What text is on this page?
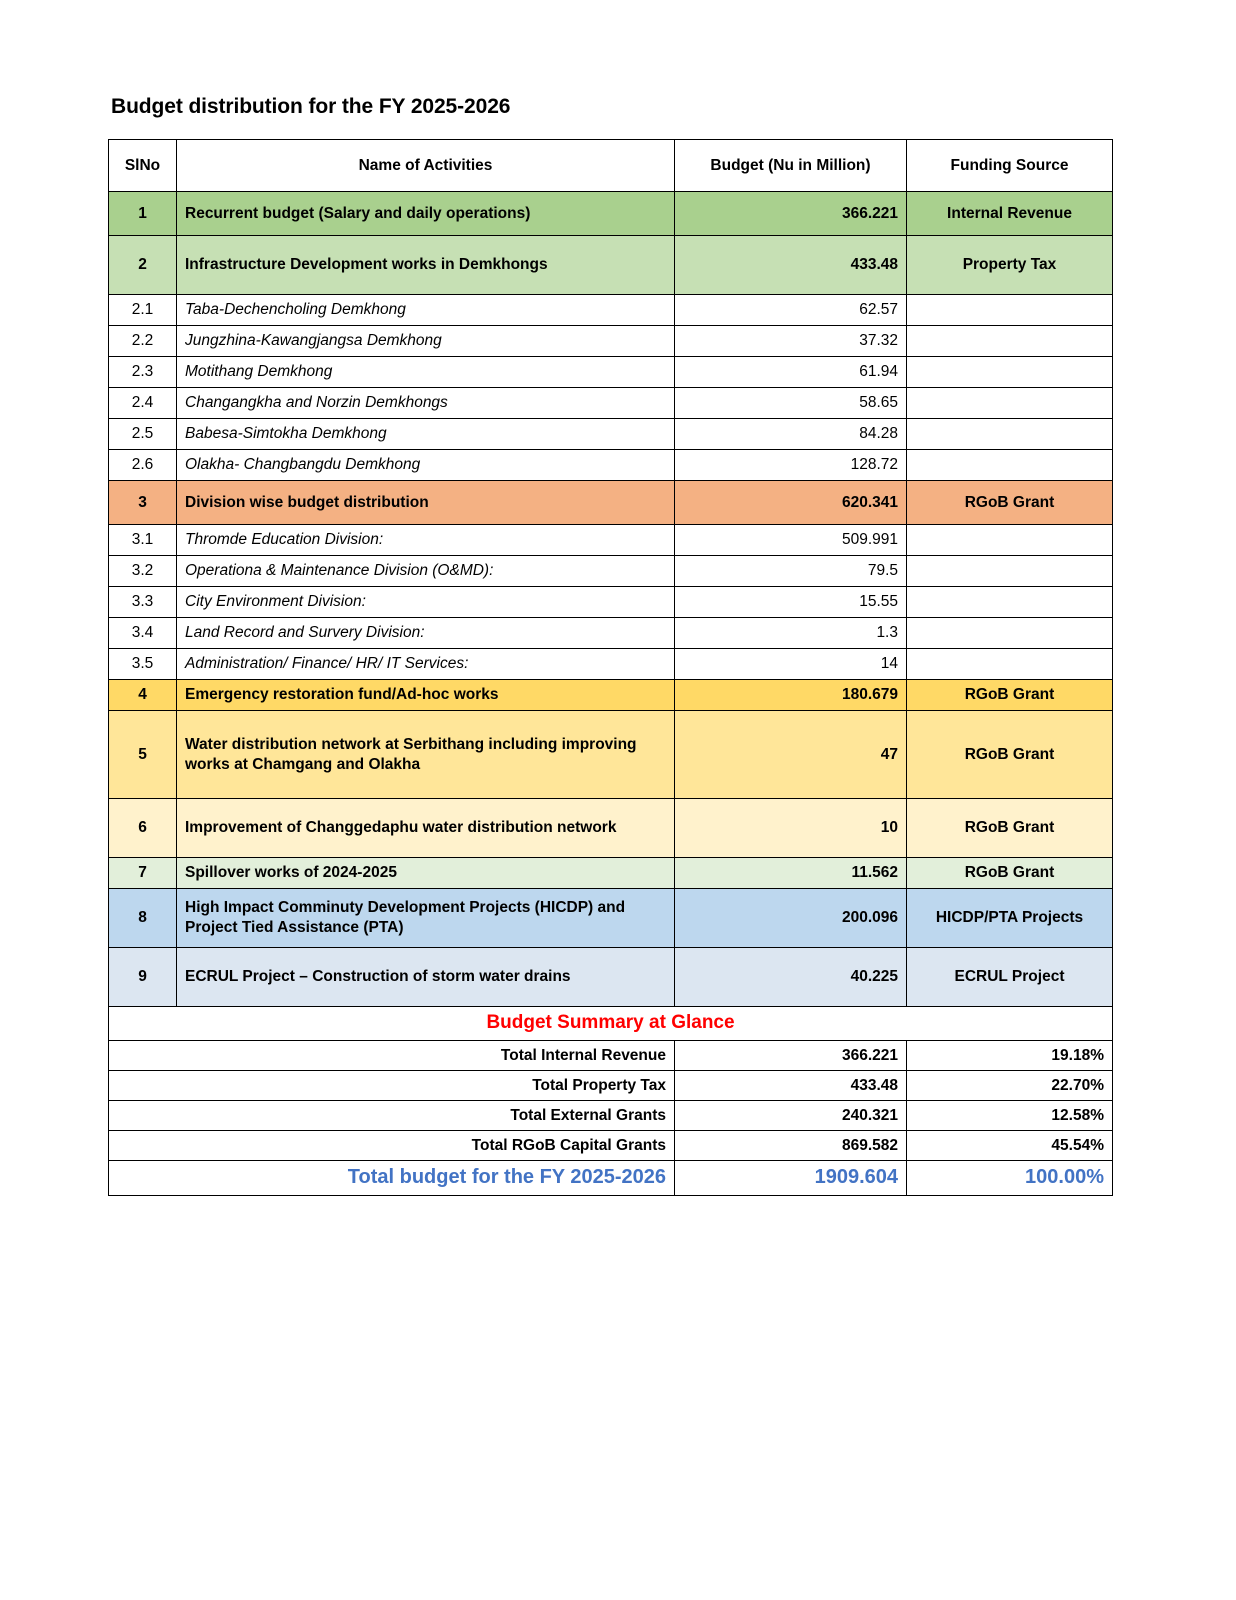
Budget distribution for the FY 2025-2026
SlNo	Name of Activities	Budget (Nu in Million)	Funding Source
1	Recurrent budget (Salary and daily operations)	366.221	Internal Revenue
2	Infrastructure Development works in Demkhongs	433.48	Property Tax
2.1	Taba-Dechencholing Demkhong	62.57	
2.2	Jungzhina-Kawangjangsa Demkhong	37.32	
2.3	Motithang Demkhong	61.94	
2.4	Changangkha and Norzin Demkhongs	58.65	
2.5	Babesa-Simtokha Demkhong	84.28	
2.6	Olakha- Changbangdu Demkhong	128.72	
3	Division wise budget distribution	620.341	RGoB Grant
3.1	Thromde Education Division:	509.991	
3.2	Operationa & Maintenance Division (O&MD):	79.5	
3.3	City Environment Division:	15.55	
3.4	Land Record and Survery Division:	1.3	
3.5	Administration/ Finance/ HR/ IT Services:	14	
4	Emergency restoration fund/Ad-hoc works	180.679	RGoB Grant
5	Water distribution network at Serbithang including improving works at Chamgang and Olakha	47	RGoB Grant
6	Improvement of Changgedaphu water distribution network	10	RGoB Grant
7	Spillover works of 2024-2025	11.562	RGoB Grant
8	High Impact Comminuty Development Projects (HICDP) and Project Tied Assistance (PTA)	200.096	HICDP/PTA Projects
9	ECRUL Project – Construction of storm water drains	40.225	ECRUL Project
Budget Summary at Glance			
Total Internal Revenue		366.221	19.18%
Total Property Tax		433.48	22.70%
Total External Grants		240.321	12.58%
Total RGoB Capital Grants		869.582	45.54%
Total budget for the FY 2025-2026		1909.604	100.00%
